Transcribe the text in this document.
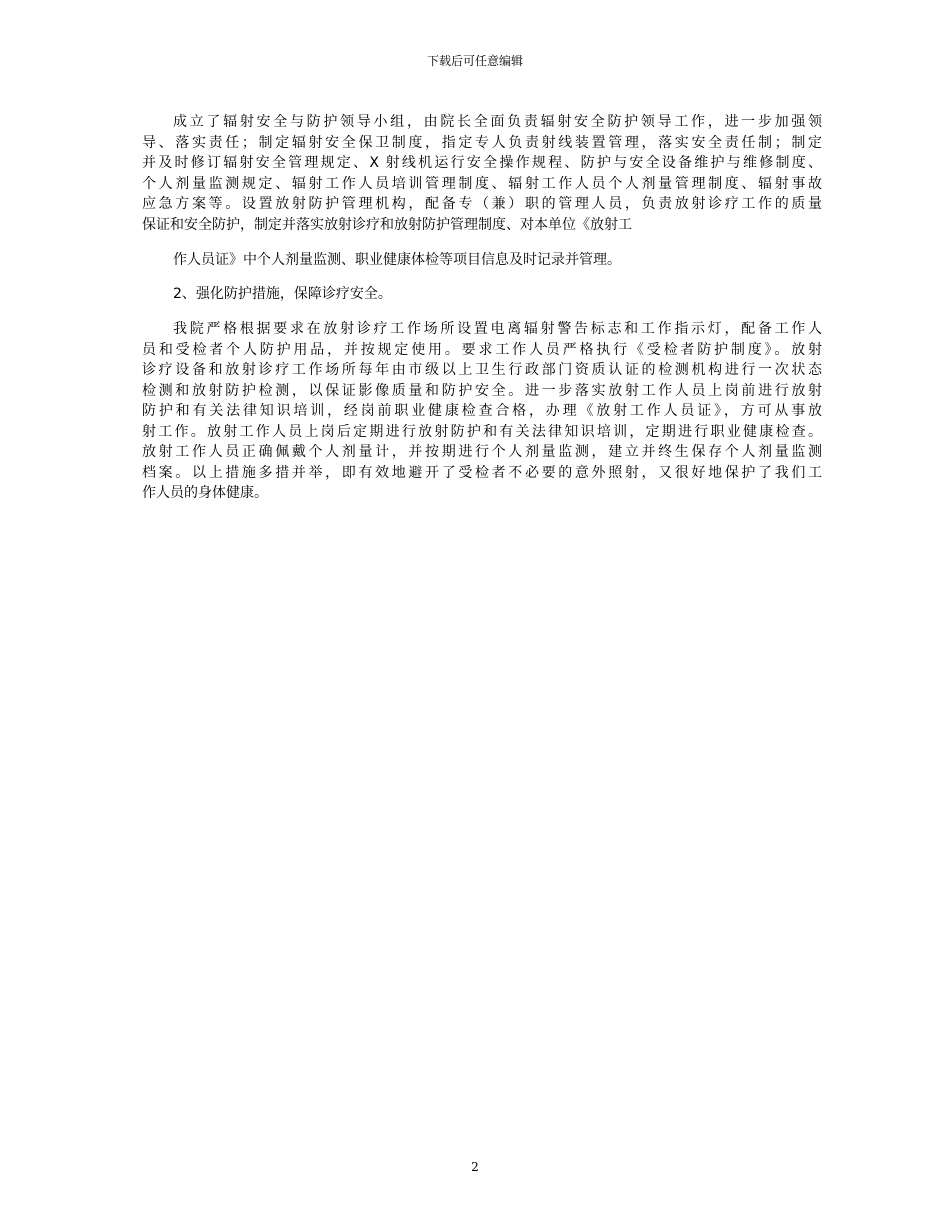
下载后可任意编辑
成立了辐射安全与防护领导小组，由院长全面负责辐射安全防护领导工作，进一步加强领
导、落实责任；制定辐射安全保卫制度，指定专人负责射线装置管理，落实安全责任制；制定
并及时修订辐射安全管理规定、X 射线机运行安全操作规程、防护与安全设备维护与维修制度、
个人剂量监测规定、辐射工作人员培训管理制度、辐射工作人员个人剂量管理制度、辐射事故
应急方案等。设置放射防护管理机构，配备专（兼）职的管理人员，负责放射诊疗工作的质量
保证和安全防护，制定并落实放射诊疗和放射防护管理制度、对本单位《放射工
作人员证》中个人剂量监测、职业健康体检等项目信息及时记录并管理。
2、强化防护措施，保障诊疗安全。
我院严格根据要求在放射诊疗工作场所设置电离辐射警告标志和工作指示灯，配备工作人
员和受检者个人防护用品，并按规定使用。要求工作人员严格执行《受检者防护制度》。放射
诊疗设备和放射诊疗工作场所每年由市级以上卫生行政部门资质认证的检测机构进行一次状态
检测和放射防护检测，以保证影像质量和防护安全。进一步落实放射工作人员上岗前进行放射
防护和有关法律知识培训，经岗前职业健康检查合格，办理《放射工作人员证》，方可从事放
射工作。放射工作人员上岗后定期进行放射防护和有关法律知识培训，定期进行职业健康检查。
放射工作人员正确佩戴个人剂量计，并按期进行个人剂量监测，建立并终生保存个人剂量监测
档案。以上措施多措并举，即有效地避开了受检者不必要的意外照射，又很好地保护了我们工
作人员的身体健康。
2
